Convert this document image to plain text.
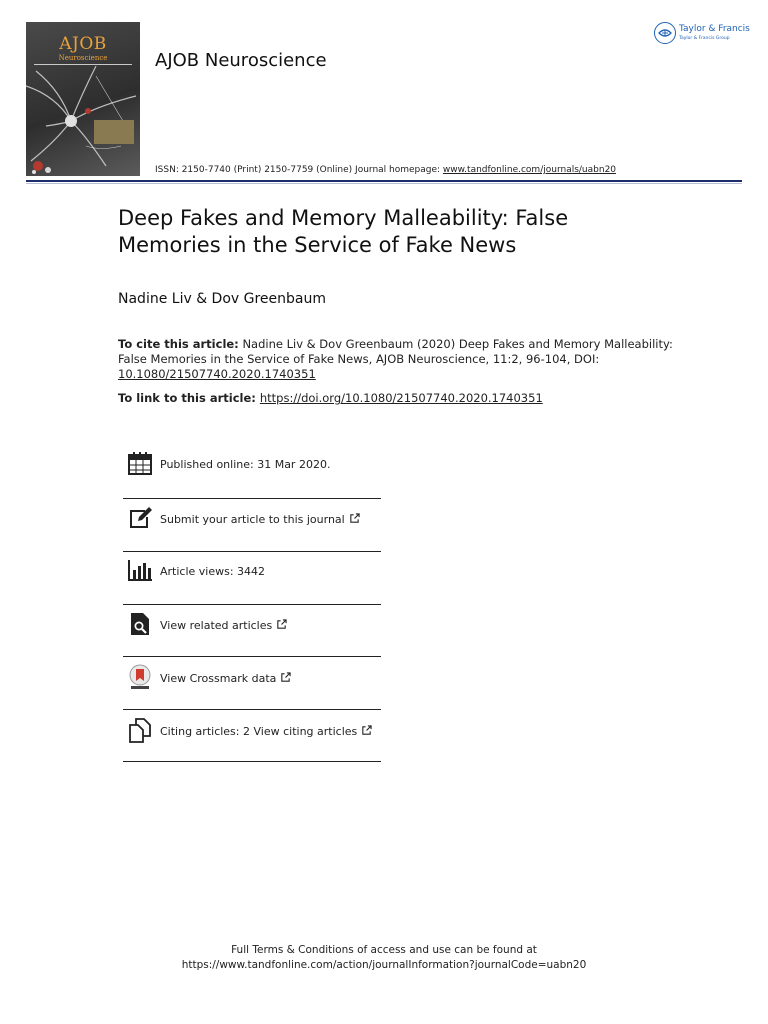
AJOB
Neuroscience	AJOB Neuroscience
Taylor & Francis
Taylor & Francis Group
ISSN: 2150-7740 (Print) 2150-7759 (Online) Journal homepage: www.tandfonline.com/journals/uabn20
Deep Fakes and Memory Malleability: False
Memories in the Service of Fake News
Nadine Liv & Dov Greenbaum
To cite this article: Nadine Liv & Dov Greenbaum (2020) Deep Fakes and Memory Malleability: False Memories in the Service of Fake News, AJOB Neuroscience, 11:2, 96-104, DOI: 10.1080/21507740.2020.1740351
To link to this article: https://doi.org/10.1080/21507740.2020.1740351
Published online: 31 Mar 2020.
Submit your article to this journal
Article views: 3442
View related articles
View Crossmark data
Citing articles: 2 View citing articles
Full Terms & Conditions of access and use can be found at
https://www.tandfonline.com/action/journalInformation?journalCode=uabn20
